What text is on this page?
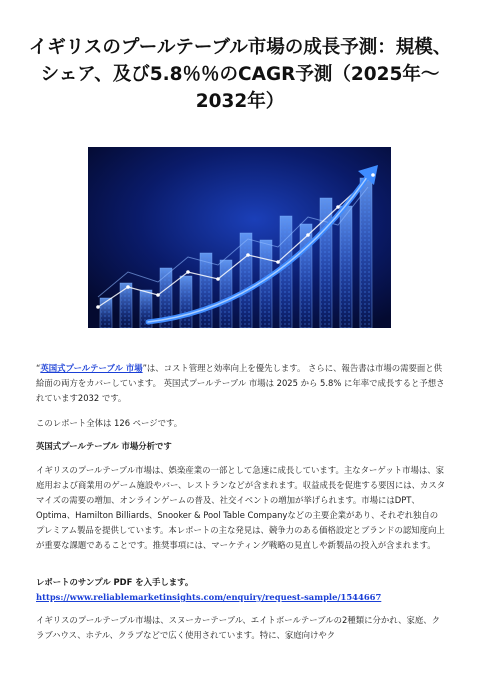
イギリスのプールテーブル市場の成長予測：規模、シェア、及び5.8％％のCAGR予測（2025年〜2032年）
“英国式プールテーブル 市場”は、コスト管理と効率向上を優先します。 さらに、報告書は市場の需要面と供給面の両方をカバーしています。 英国式プールテーブル 市場は 2025 から 5.8% に年率で成長すると予想されています2032 です。
このレポート全体は 126 ページです。
英国式プールテーブル 市場分析です
イギリスのプールテーブル市場は、娯楽産業の一部として急速に成長しています。主なターゲット市場は、家庭用および商業用のゲーム施設やバー、レストランなどが含まれます。収益成長を促進する要因には、カスタマイズの需要の増加、オンラインゲームの普及、社交イベントの増加が挙げられます。市場にはDPT、Optima、Hamilton Billiards、Snooker & Pool Table Companyなどの主要企業があり、それぞれ独自のプレミアム製品を提供しています。本レポートの主な発見は、競争力のある価格設定とブランドの認知度向上が重要な課題であることです。推奨事項には、マーケティング戦略の見直しや新製品の投入が含まれます。
レポートのサンプル PDF を入手します。 https://www.reliablemarketinsights.com/enquiry/request-sample/1544667
イギリスのプールテーブル市場は、スヌーカーテーブル、エイトボールテーブルの2種類に分かれ、家庭、クラブハウス、ホテル、クラブなどで広く使用されています。特に、家庭向けやク
